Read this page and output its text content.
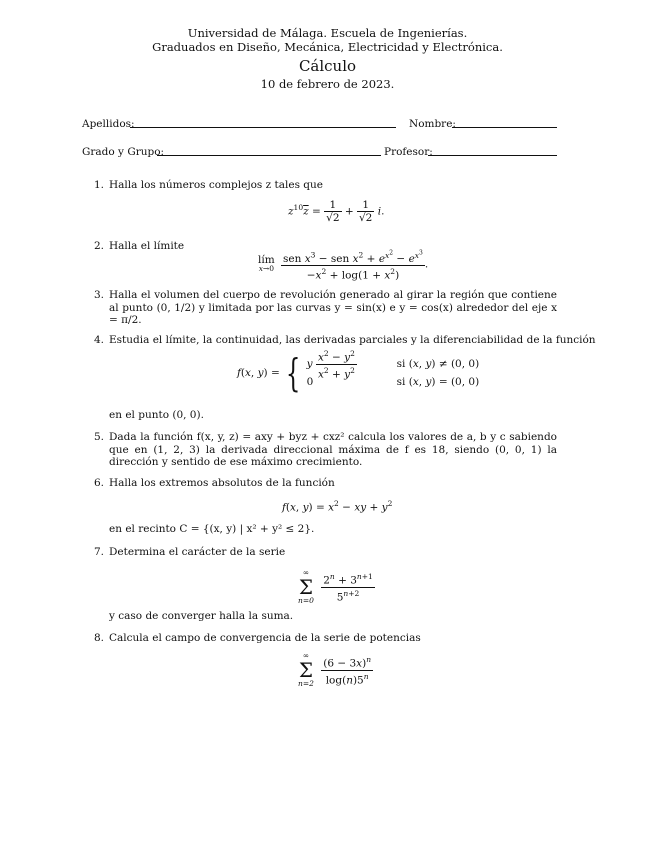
Universidad de Málaga. Escuela de Ingenierías.
Graduados en Diseño, Mecánica, Electricidad y Electrónica.
Cálculo
10 de febrero de 2023.
Apellidos:	Nombre:
Grado y Grupo:	Profesor:
1. Halla los números complejos z tales que
$z^{10}\overline{z} = \frac{1}{√2} + \frac{1}{√2} i$.
2. Halla el límite
lím
x→0
$\frac{sen x^3 - sen x^2 + e^{x^2} - e^{x^3}}{-x^2 + \log(1 + x^2)}$ .
3. Halla el volumen del cuerpo de revolución generado al girar la región que contiene al punto (0, 1/2) y limitada por las curvas y = sin(x) e y = cos(x) alrededor del eje x = π/2.
4. Estudia el límite, la continuidad, las derivadas parciales y la diferenciabilidad de la función
f(x, y) = { y $\frac{x^2 - y^2}{x^2 + y^2}$	si (x, y) ≠ (0, 0)
0	si (x, y) = (0, 0)
en el punto (0, 0).
5. Dada la función f(x, y, z) = axy + byz + cxz² calcula los valores de a, b y c sabiendo que en (1, 2, 3) la derivada direccional máxima de f es 18, siendo (0, 0, 1) la dirección y sentido de ese máximo crecimiento.
6. Halla los extremos absolutos de la función
f(x, $y) = x^2$ − xy + $y^2$
en el recinto C = {(x, y) | x² + y² ≤ 2}.
7. Determina el carácter de la serie
∞
Σ
n=0
$\frac{2^n + 3^{n+1}}{5^{n+2}}$
y caso de converger halla la suma.
8. Calcula el campo de convergencia de la serie de potencias
∞
Σ
n=2
$\frac{(6 - 3x)^n}{\log(n)5^n}$
